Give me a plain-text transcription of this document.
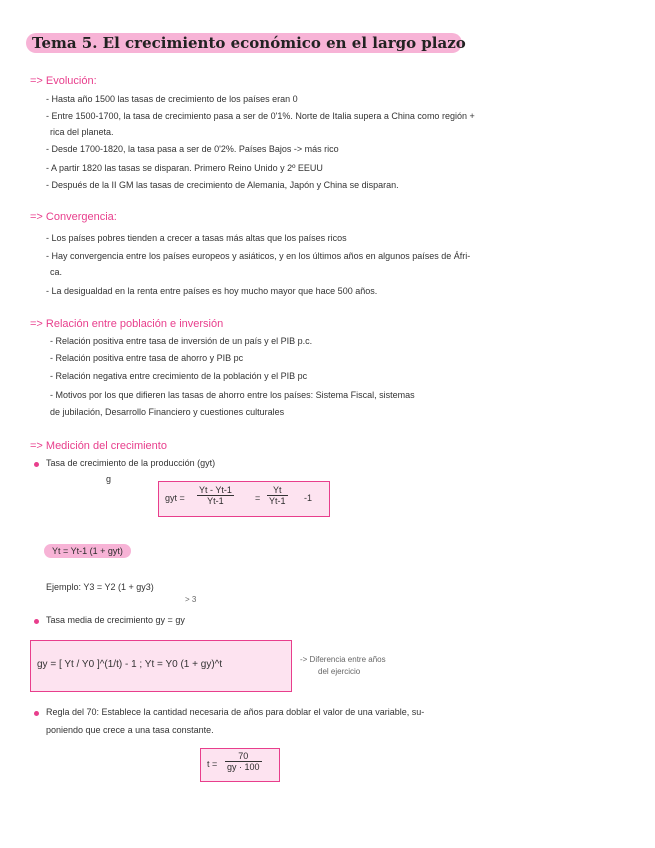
Tema 5. El crecimiento económico en el largo plazo
=> Evolución:
- Hasta año 1500 las tasas de crecimiento de los países eran 0
- Entre 1500-1700, la tasa de crecimiento pasa a ser de 0'1%. Norte de Italia supera a China como región +
rica del planeta.
- Desde 1700-1820, la tasa pasa a ser de 0'2%. Países Bajos -> más rico
- A partir 1820 las tasas se disparan. Primero Reino Unido y 2º EEUU
- Después de la II GM las tasas de crecimiento de Alemania, Japón y China se disparan.
=> Convergencia:
- Los países pobres tienden a crecer a tasas más altas que los países ricos
- Hay convergencia entre los países europeos y asiáticos, y en los últimos años en algunos países de Áfri-
ca.
- La desigualdad en la renta entre países es hoy mucho mayor que hace 500 años.
=> Relación entre población e inversión
- Relación positiva entre tasa de inversión de un país y el PIB p.c.
- Relación positiva entre tasa de ahorro y PIB pc
- Relación negativa entre crecimiento de la población y el PIB pc
- Motivos por los que difieren las tasas de ahorro entre los países: Sistema Fiscal, sistemas
de jubilación, Desarrollo Financiero y cuestiones culturales
=> Medición del crecimiento
Tasa de crecimiento de la producción (gyt)
g
gyt = $\frac{Yt - Yt-1}{Yt-1} = \frac{Yt}{Yt-1} -1$
Yt = Yt-1 (1 + gyt)
Ejemplo: Y3 = Y2 (1 + gy3)
> 3
Tasa media de crecimiento gy = gy
gy = [ Yt / Y0 ]^(1/t) - 1 ; Yt = Y0 (1 + gy)^t	-> Diferencia entre años
del ejercicio
Regla del 70: Establece la cantidad necesaria de años para doblar el valor de una variable, su-
poniendo que crece a una tasa constante.
$t = \frac{70}{gy \cdot 100}$
